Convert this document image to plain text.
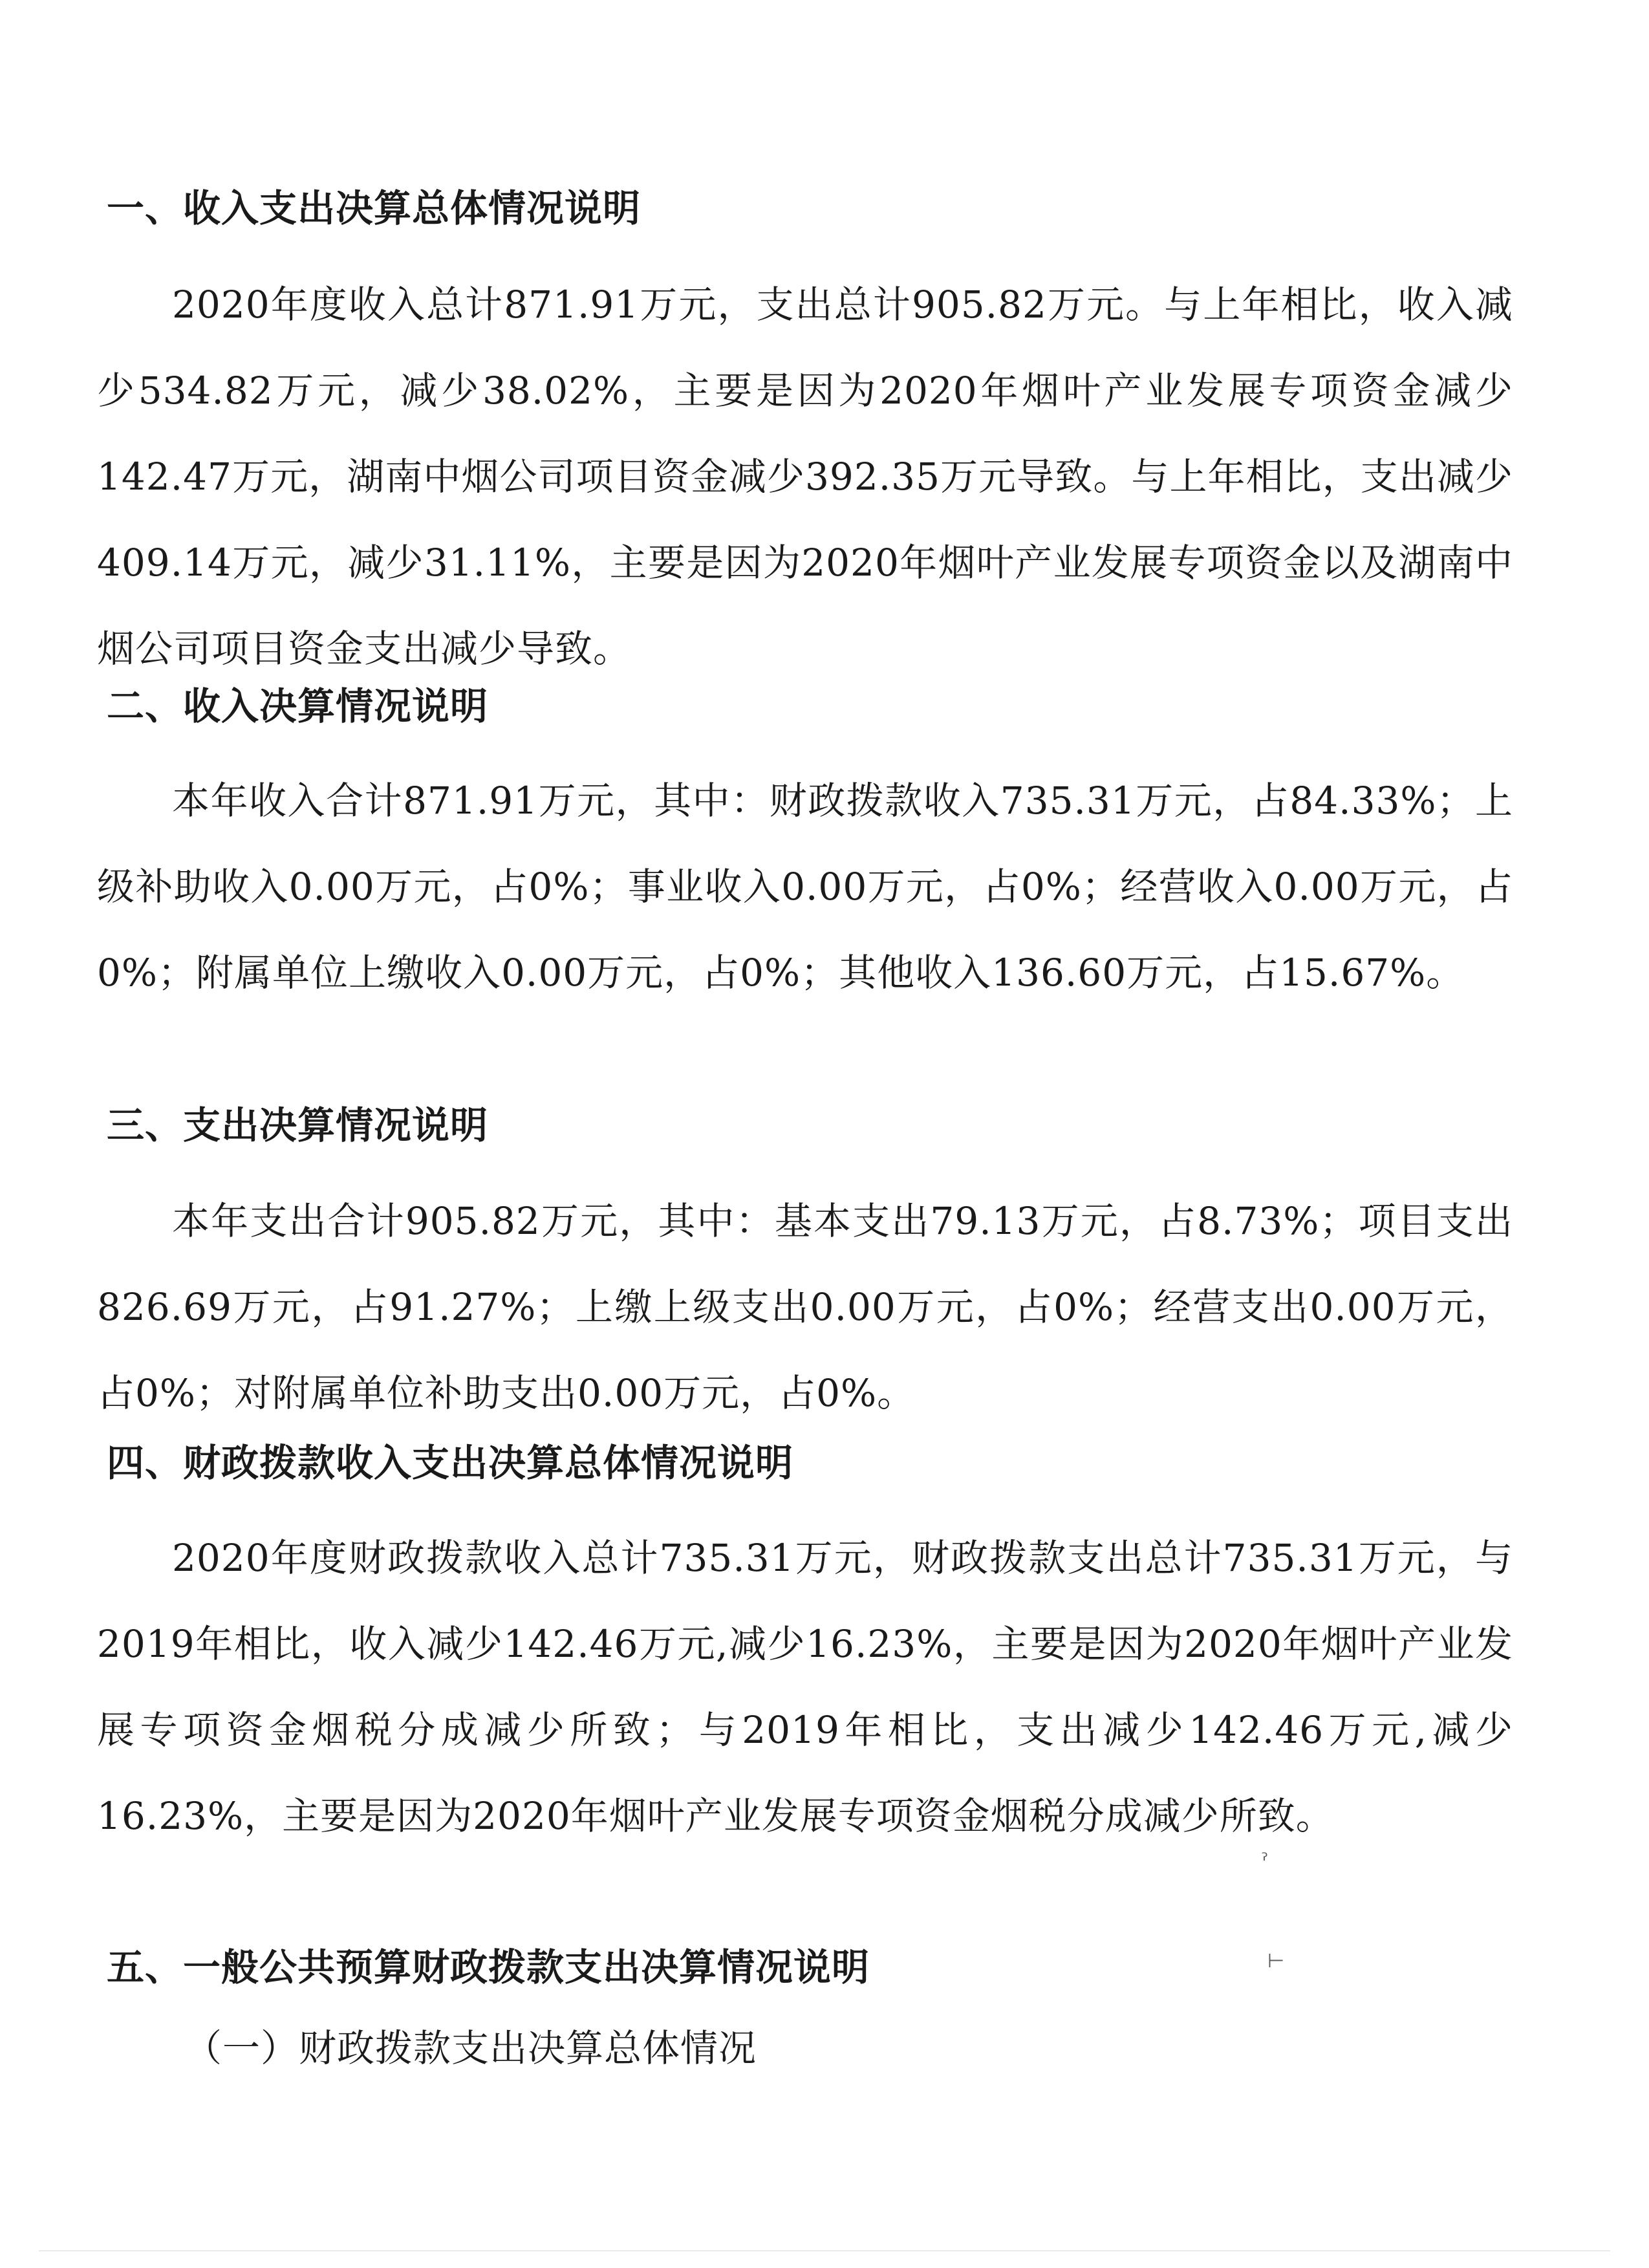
一、收入支出决算总体情况说明

2020年度收入总计871.91万元，支出总计905.82万元。与上年相比，收入减少534.82万元，减少38.02%，主要是因为2020年烟叶产业发展专项资金减少142.47万元，湖南中烟公司项目资金减少392.35万元导致。与上年相比，支出减少409.14万元，减少31.11%，主要是因为2020年烟叶产业发展专项资金以及湖南中烟公司项目资金支出减少导致。

二、收入决算情况说明

本年收入合计871.91万元，其中：财政拨款收入735.31万元，占84.33%；上级补助收入0.00万元，占0%；事业收入0.00万元，占0%；经营收入0.00万元，占0%；附属单位上缴收入0.00万元，占0%；其他收入136.60万元，占15.67%。

三、支出决算情况说明

本年支出合计905.82万元，其中：基本支出79.13万元，占8.73%；项目支出826.69万元，占91.27%；上缴上级支出0.00万元，占0%；经营支出0.00万元，占0%；对附属单位补助支出0.00万元，占0%。

四、财政拨款收入支出决算总体情况说明

2020年度财政拨款收入总计735.31万元，财政拨款支出总计735.31万元，与2019年相比，收入减少142.46万元,减少16.23%，主要是因为2020年烟叶产业发展专项资金烟税分成减少所致；与2019年相比，支出减少142.46万元,减少16.23%，主要是因为2020年烟叶产业发展专项资金烟税分成减少所致。

五、一般公共预算财政拨款支出决算情况说明
（一）财政拨款支出决算总体情况
ˀ
⊢
